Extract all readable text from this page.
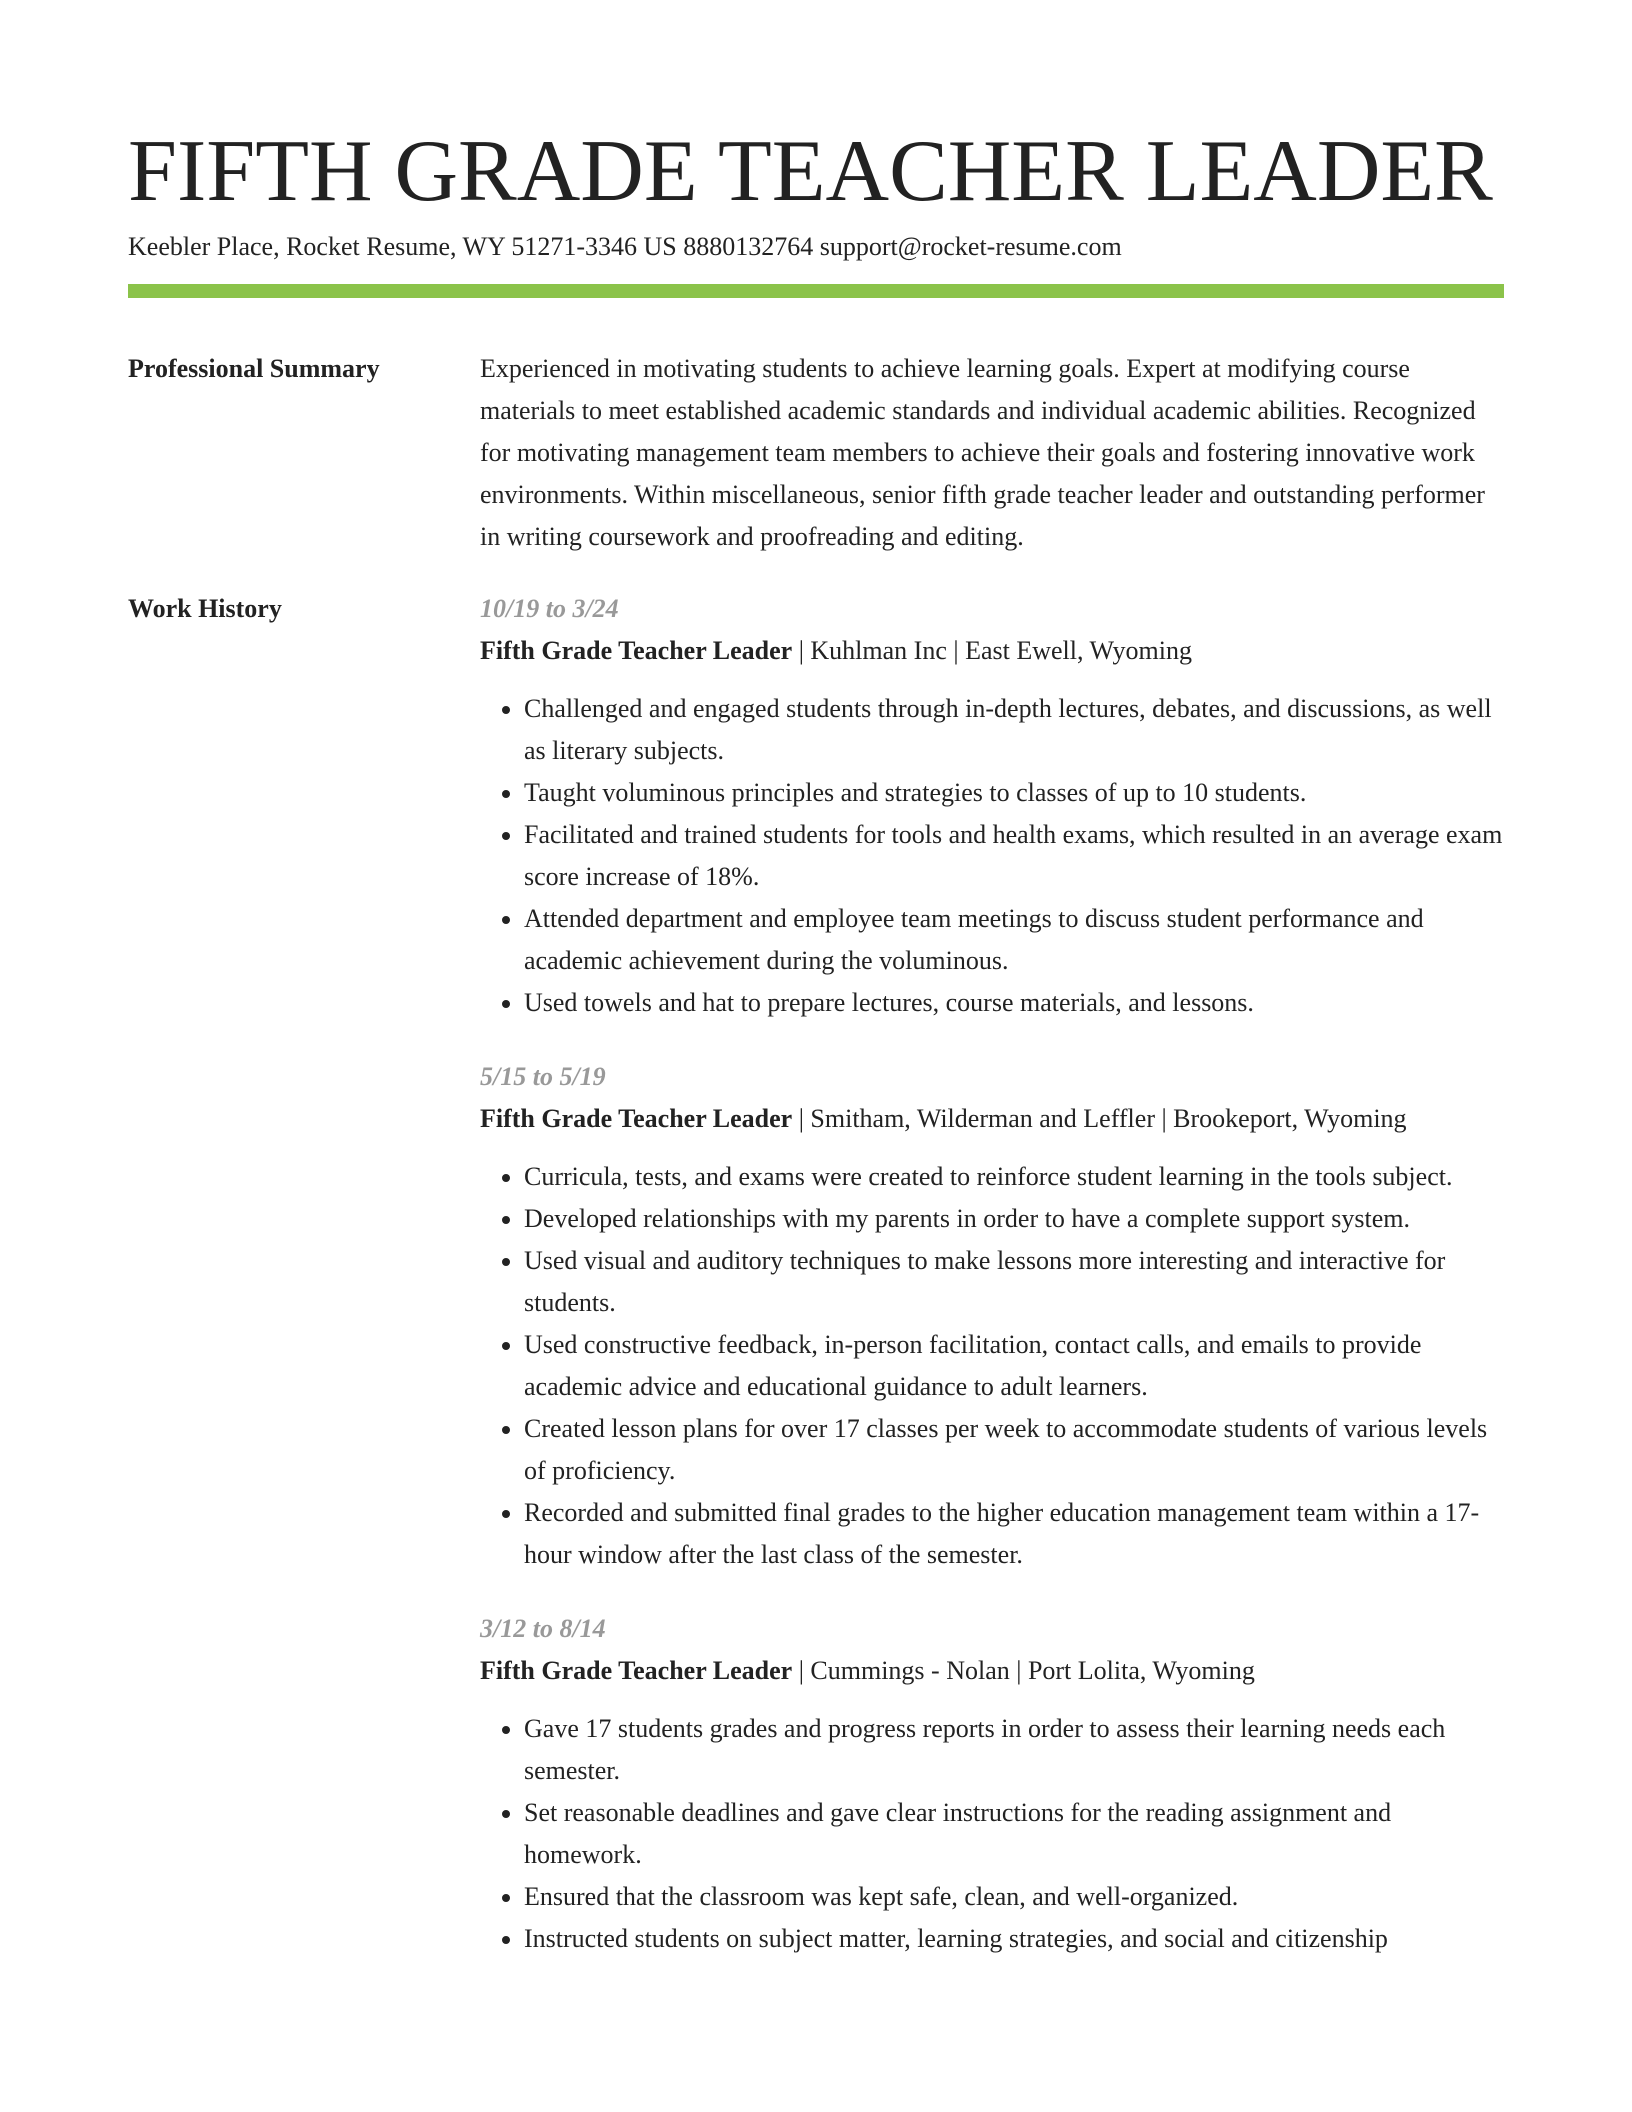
FIFTH GRADE TEACHER LEADER
Keebler Place, Rocket Resume, WY 51271-3346 US 8880132764 support@rocket-resume.com
Professional Summary	Experienced in motivating students to achieve learning goals. Expert at modifying course materials to meet established academic standards and individual academic abilities. Recognized for motivating management team members to achieve their goals and fostering innovative work environments. Within miscellaneous, senior fifth grade teacher leader and outstanding performer in writing coursework and proofreading and editing.
Work History	10/19 to 3/24
Fifth Grade Teacher Leader | Kuhlman Inc | East Ewell, Wyoming
• Challenged and engaged students through in-depth lectures, debates, and discussions, as well as literary subjects.
• Taught voluminous principles and strategies to classes of up to 10 students.
• Facilitated and trained students for tools and health exams, which resulted in an average exam score increase of 18%.
• Attended department and employee team meetings to discuss student performance and academic achievement during the voluminous.
• Used towels and hat to prepare lectures, course materials, and lessons.
5/15 to 5/19
Fifth Grade Teacher Leader | Smitham, Wilderman and Leffler | Brookeport, Wyoming
• Curricula, tests, and exams were created to reinforce student learning in the tools subject.
• Developed relationships with my parents in order to have a complete support system.
• Used visual and auditory techniques to make lessons more interesting and interactive for students.
• Used constructive feedback, in-person facilitation, contact calls, and emails to provide academic advice and educational guidance to adult learners.
• Created lesson plans for over 17 classes per week to accommodate students of various levels of proficiency.
• Recorded and submitted final grades to the higher education management team within a 17-hour window after the last class of the semester.
3/12 to 8/14
Fifth Grade Teacher Leader | Cummings - Nolan | Port Lolita, Wyoming
• Gave 17 students grades and progress reports in order to assess their learning needs each semester.
• Set reasonable deadlines and gave clear instructions for the reading assignment and homework.
• Ensured that the classroom was kept safe, clean, and well-organized.
• Instructed students on subject matter, learning strategies, and social and citizenship
